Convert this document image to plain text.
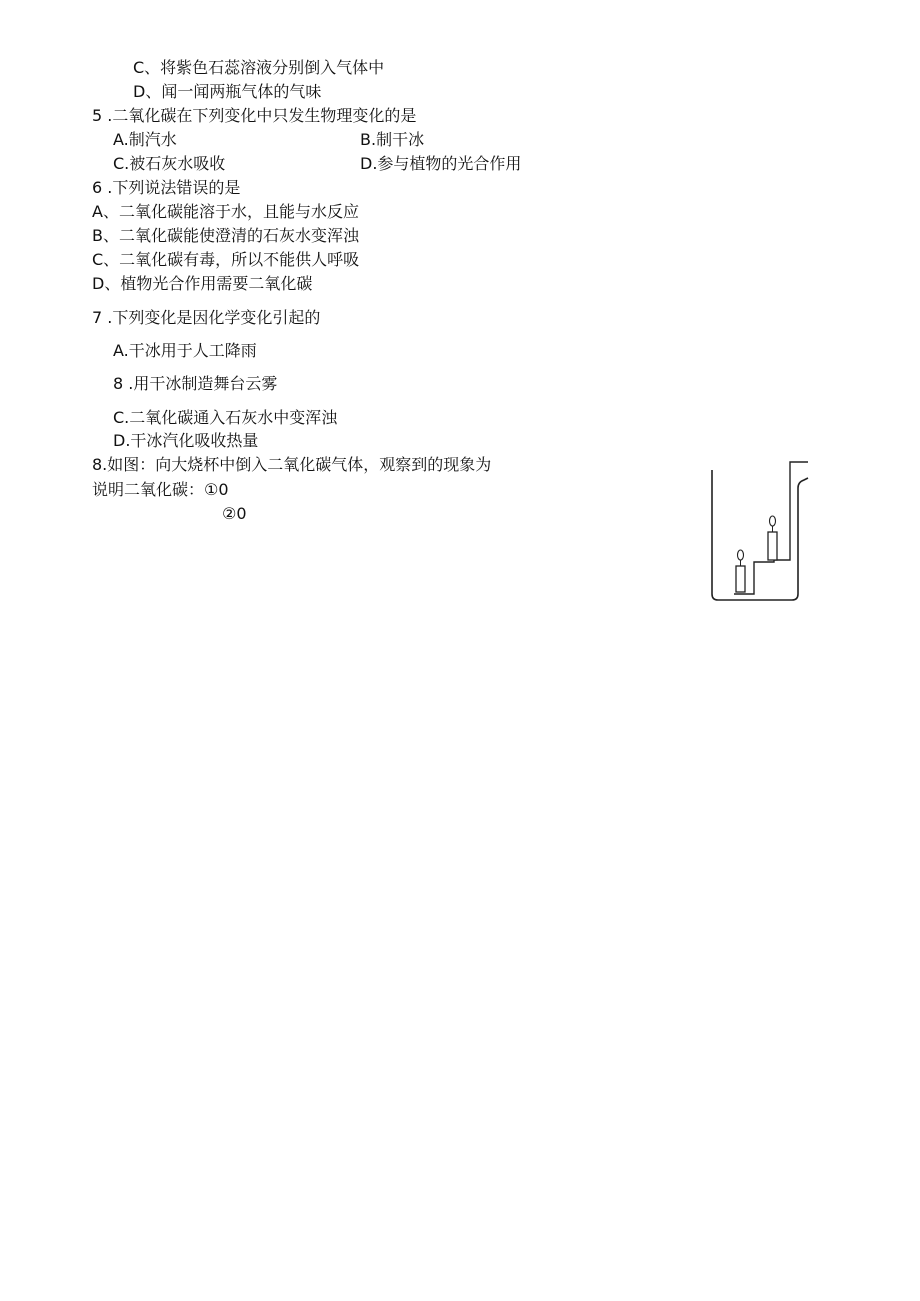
C、将紫色石蕊溶液分别倒入气体中
D、闻一闻两瓶气体的气味
5 .二氧化碳在下列变化中只发生物理变化的是
A.制汽水	B.制干冰
C.被石灰水吸收	D.参与植物的光合作用
6 .下列说法错误的是
A、二氧化碳能溶于水，且能与水反应
B、二氧化碳能使澄清的石灰水变浑浊
C、二氧化碳有毒，所以不能供人呼吸
D、植物光合作用需要二氧化碳
7 .下列变化是因化学变化引起的
A.干冰用于人工降雨
8 .用干冰制造舞台云雾
C.二氧化碳通入石灰水中变浑浊
D.干冰汽化吸收热量
8.如图：向大烧杯中倒入二氧化碳气体，观察到的现象为
说明二氧化碳：①0
②0
